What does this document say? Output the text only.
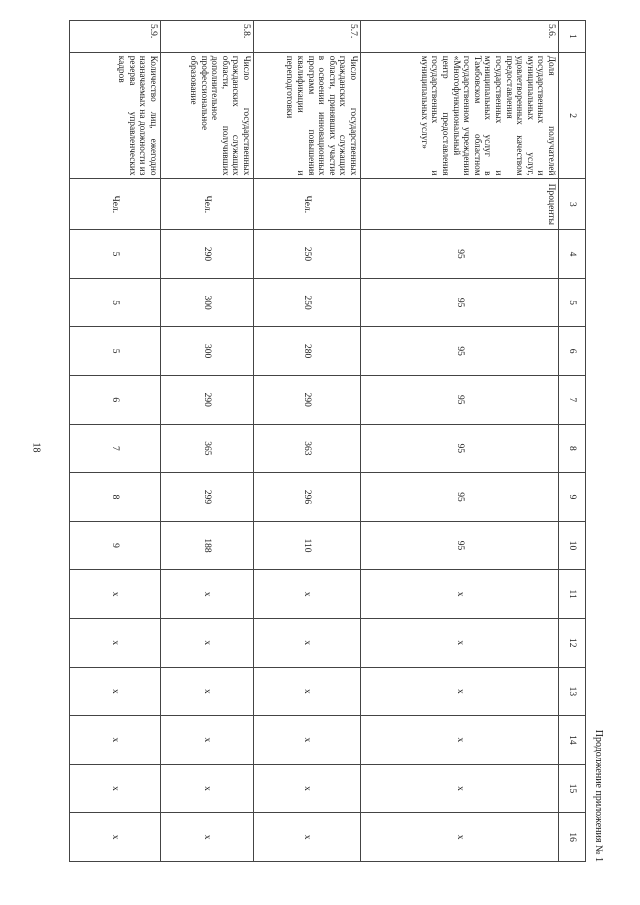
18
Продолжение приложения № 1
1	2	3	4	5	6	7	8	9	10	11	12	13	14	15	16
5.6.	Доля получателей государственных и муниципальных услуг, удовлетворенных качеством предоставления государственных и муниципальных услуг в Тамбовском областном государственном учреждении «Многофункциональный центр предоставления государственных и муниципальных услуг»	Проценты	95	95	95	95	95	95	95	x	x	x	x	x	x
5.7.	Число государственных гражданских служащих области, принявших участие в освоении инновационных программ повышения квалификации и переподготовки	Чел.	250	250	280	290	363	296	110	x	x	x	x	x	x
5.8.	Число государственных гражданских служащих области, получивших дополнительное профессиональное образование	Чел.	290	300	300	290	365	299	188	x	x	x	x	x	x
5.9.	Количество лиц, ежегодно назначаемых на должности из резерва управленческих кадров	Чел.	5	5	5	6	7	8	9	x	x	x	x	x	x
